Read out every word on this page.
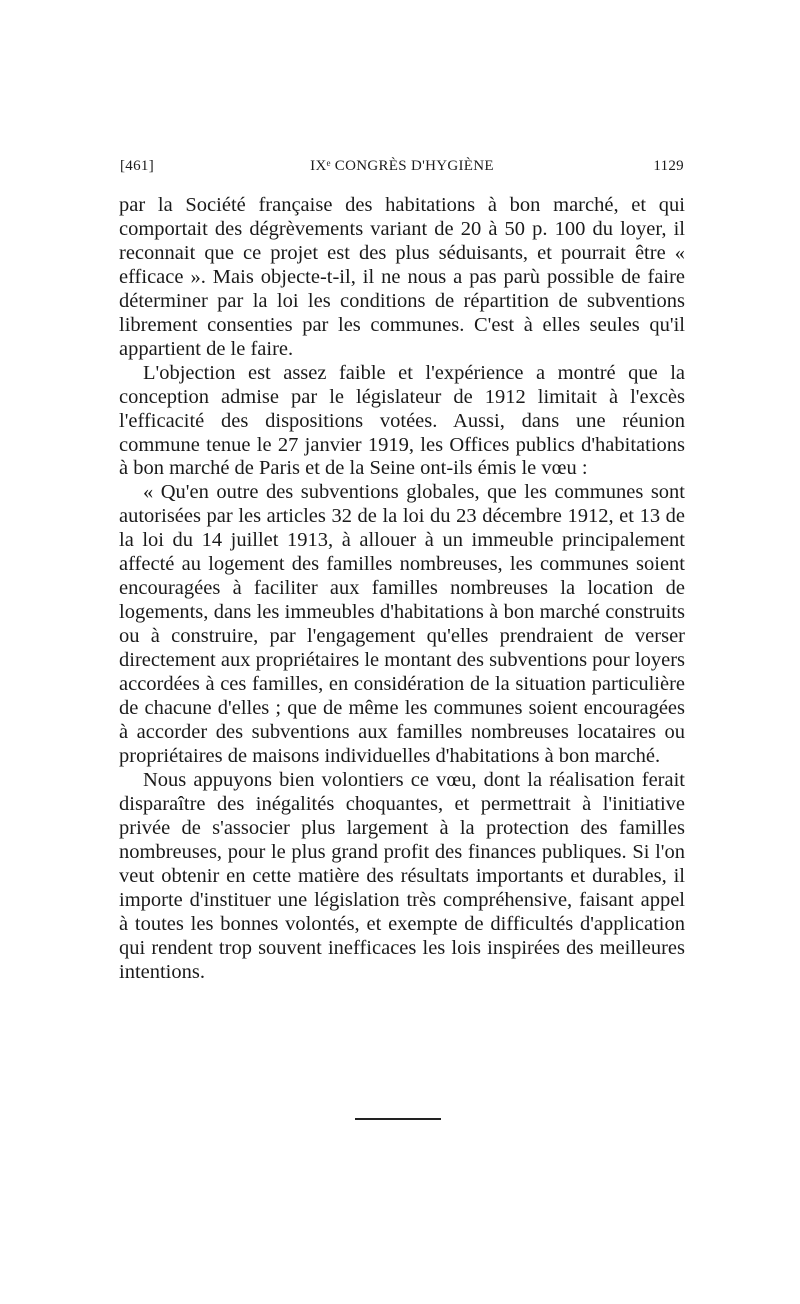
[461]	IXᵉ CONGRÈS D'HYGIÈNE	1129

par la Société française des habitations à bon marché, et qui comportait des dégrèvements variant de 20 à 50 p. 100 du loyer, il reconnait que ce projet est des plus séduisants, et pourrait être « efficace ». Mais objecte-t-il, il ne nous a pas parù possible de faire déterminer par la loi les conditions de répartition de subventions librement consenties par les communes. C'est à elles seules qu'il appartient de le faire.

L'objection est assez faible et l'expérience a montré que la conception admise par le législateur de 1912 limitait à l'excès l'efficacité des dispositions votées. Aussi, dans une réunion commune tenue le 27 janvier 1919, les Offices publics d'habitations à bon marché de Paris et de la Seine ont-ils émis le vœu :

« Qu'en outre des subventions globales, que les communes sont autorisées par les articles 32 de la loi du 23 décembre 1912, et 13 de la loi du 14 juillet 1913, à allouer à un immeuble principalement affecté au logement des familles nombreuses, les communes soient encouragées à faciliter aux familles nombreuses la location de logements, dans les immeubles d'habitations à bon marché construits ou à construire, par l'engagement qu'elles prendraient de verser directement aux propriétaires le montant des subventions pour loyers accordées à ces familles, en considération de la situation particulière de chacune d'elles ; que de même les communes soient encouragées à accorder des subventions aux familles nombreuses locataires ou propriétaires de maisons individuelles d'habitations à bon marché.

Nous appuyons bien volontiers ce vœu, dont la réalisation ferait disparaître des inégalités choquantes, et permettrait à l'initiative privée de s'associer plus largement à la protection des familles nombreuses, pour le plus grand profit des finances publiques. Si l'on veut obtenir en cette matière des résultats importants et durables, il importe d'instituer une législation très compréhensive, faisant appel à toutes les bonnes volontés, et exempte de difficultés d'application qui rendent trop souvent inefficaces les lois inspirées des meilleures intentions.
